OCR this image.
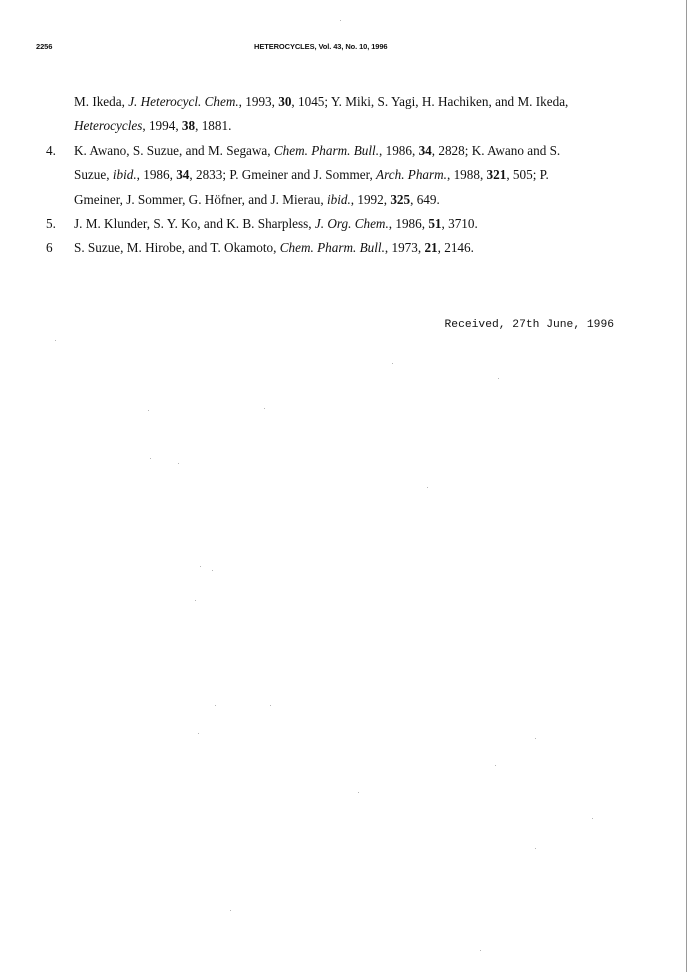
2256	HETEROCYCLES, Vol. 43, No. 10, 1996

M. Ikeda, J. Heterocycl. Chem., 1993, 30, 1045; Y. Miki, S. Yagi, H. Hachiken, and M. Ikeda,

Heterocycles, 1994, 38, 1881.

4.	K. Awano, S. Suzue, and M. Segawa, Chem. Pharm. Bull., 1986, 34, 2828; K. Awano and S.

Suzue, ibid., 1986, 34, 2833; P. Gmeiner and J. Sommer, Arch. Pharm., 1988, 321, 505; P.

Gmeiner, J. Sommer, G. Höfner, and J. Mierau, ibid., 1992, 325, 649.

5.	J. M. Klunder, S. Y. Ko, and K. B. Sharpless, J. Org. Chem., 1986, 51, 3710.

6	S. Suzue, M. Hirobe, and T. Okamoto, Chem. Pharm. Bull., 1973, 21, 2146.

Received, 27th June, 1996
